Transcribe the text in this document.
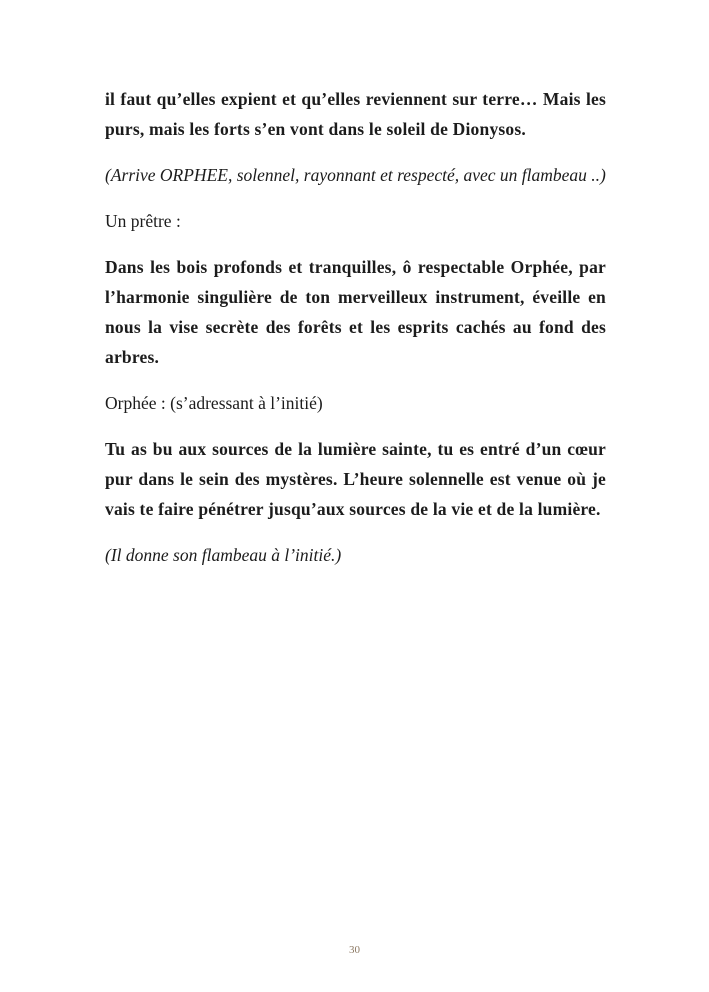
il faut qu’elles expient et qu’elles reviennent sur terre… Mais les purs, mais les forts s’en vont dans le soleil de Dionysos.

(Arrive ORPHEE, solennel, rayonnant et respecté, avec un flambeau ..)

Un prêtre :

Dans les bois profonds et tranquilles, ô respectable Orphée, par l’harmonie singulière de ton merveilleux instrument, éveille en nous la vise secrète des forêts et les esprits cachés au fond des arbres.

Orphée : (s’adressant à l’initié)

Tu as bu aux sources de la lumière sainte, tu es entré d’un cœur pur dans le sein des mystères. L’heure solennelle est venue où je vais te faire pénétrer jusqu’aux sources de la vie et de la lumière.

(Il donne son flambeau à l’initié.)

30
